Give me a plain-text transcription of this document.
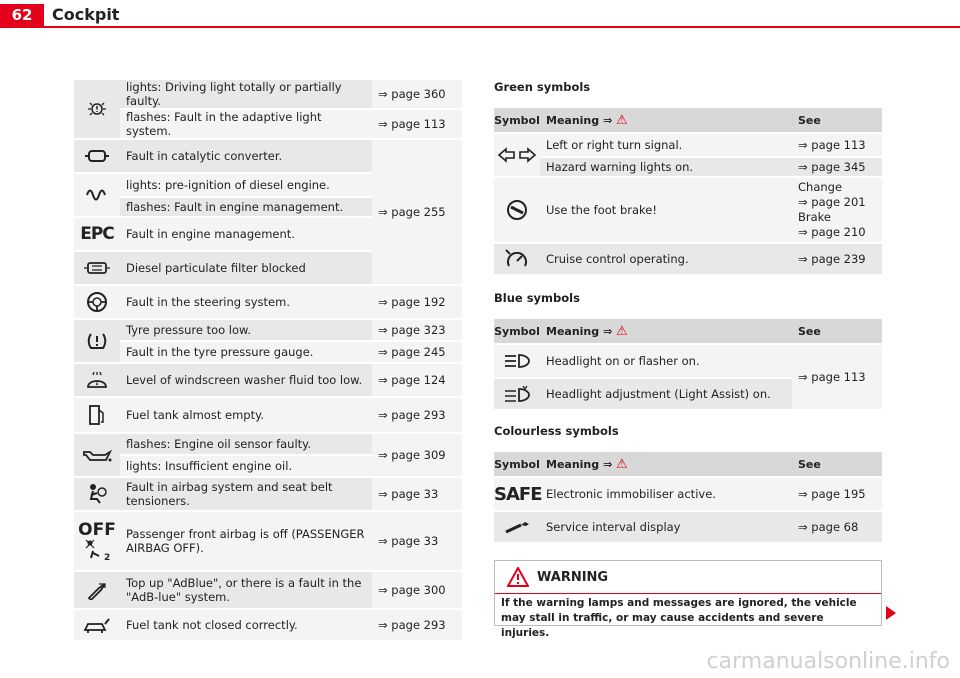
62	Cockpit
	lights: Driving light totally or partially faulty.	⇒ page 360
	flashes: Fault in the adaptive light system.	⇒ page 113

	Fault in catalytic converter.	⇒ page 255

	lights: pre-ignition of diesel engine.	
	flashes: Fault in engine management.	
EPC	Fault in engine management.	

	Diesel particulate filter blocked	

	Fault in the steering system.	⇒ page 192

	Tyre pressure too low.	⇒ page 323
	Fault in the tyre pressure gauge.	⇒ page 245

	Level of windscreen washer fluid too low.	⇒ page 124

	Fuel tank almost empty.	⇒ page 293

	flashes: Engine oil sensor faulty.	⇒ page 309
	lights: Insufficient engine oil.	

	Fault in airbag system and seat belt tensioners.	⇒ page 33

OFF
2	Passenger front airbag is off (PASSENGER AIRBAG OFF).	⇒ page 33

	Top up "AdBlue", or there is a fault in the "AdB-lue" system.	⇒ page 300

	Fuel tank not closed correctly.	⇒ page 293
Green symbols
Symbol	Meaning ⇒ ⚠	See

	Left or right turn signal.	⇒ page 113
	Hazard warning lights on.	⇒ page 345

	Use the foot brake!	Change
⇒ page 201
Brake
⇒ page 210

	Cruise control operating.	⇒ page 239
Blue symbols
Symbol	Meaning ⇒ ⚠	See

	Headlight on or flasher on.	⇒ page 113

	Headlight adjustment (Light Assist) on.	
Colourless symbols
Symbol	Meaning ⇒ ⚠	See
SAFE	Electronic immobiliser active.	⇒ page 195

	Service interval display	⇒ page 68
WARNING
If the warning lamps and messages are ignored, the vehicle may stall in traffic, or may cause accidents and severe injuries.
carmanualsonline.info
